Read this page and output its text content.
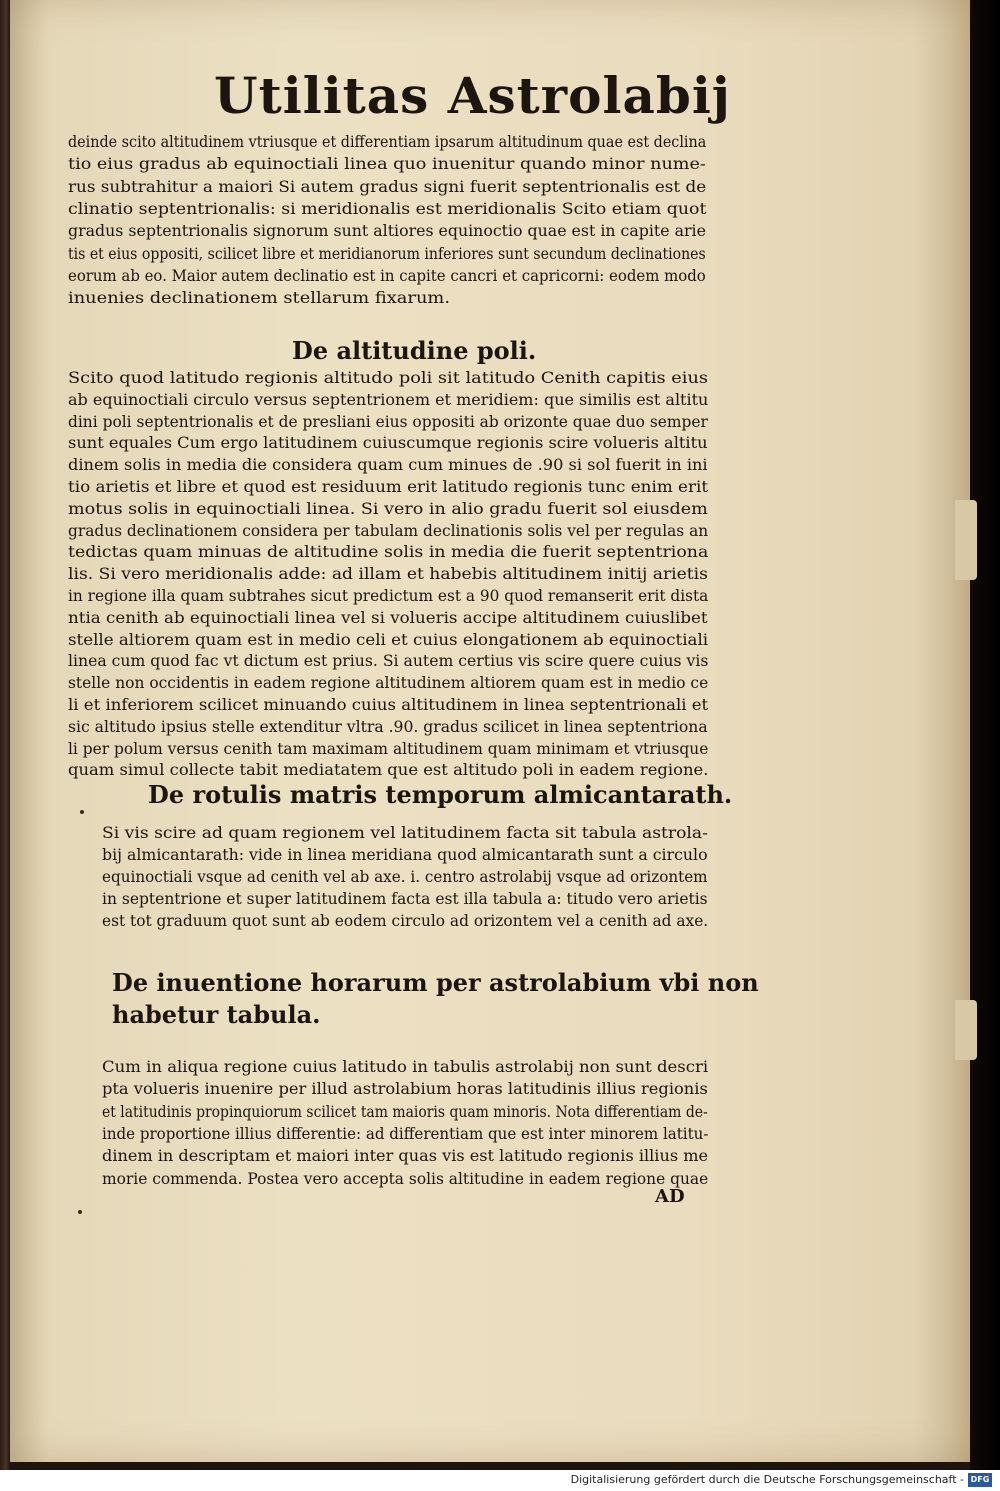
Utilitas Astrolabij
deinde scito altitudinem vtriusque et differentiam ipsarum altitudinum quae est declina
tio eius gradus ab equinoctiali linea quo inuenitur quando minor nume-
rus subtrahitur a maiori Si autem gradus signi fuerit septentrionalis est de
clinatio septentrionalis: si meridionalis est meridionalis Scito etiam quot
gradus septentrionalis signorum sunt altiores equinoctio quae est in capite arie
tis et eius oppositi, scilicet libre et meridianorum inferiores sunt secundum declinationes
eorum ab eo. Maior autem declinatio est in capite cancri et capricorni: eodem modo
inuenies declinationem stellarum fixarum.
De altitudine poli.
Scito quod latitudo regionis altitudo poli sit latitudo Cenith capitis eius
ab equinoctiali circulo versus septentrionem et meridiem: que similis est altitu
dini poli septentrionalis et de presliani eius oppositi ab orizonte quae duo semper
sunt equales Cum ergo latitudinem cuiuscumque regionis scire volueris altitu
dinem solis in media die considera quam cum minues de .90 si sol fuerit in ini
tio arietis et libre et quod est residuum erit latitudo regionis tunc enim erit
motus solis in equinoctiali linea. Si vero in alio gradu fuerit sol eiusdem
gradus declinationem considera per tabulam declinationis solis vel per regulas an
tedictas quam minuas de altitudine solis in media die fuerit septentriona
lis. Si vero meridionalis adde: ad illam et habebis altitudinem initij arietis
in regione illa quam subtrahes sicut predictum est a 90 quod remanserit erit dista
ntia cenith ab equinoctiali linea vel si volueris accipe altitudinem cuiuslibet
stelle altiorem quam est in medio celi et cuius elongationem ab equinoctiali
linea cum quod fac vt dictum est prius. Si autem certius vis scire quere cuius vis
stelle non occidentis in eadem regione altitudinem altiorem quam est in medio ce
li et inferiorem scilicet minuando cuius altitudinem in linea septentrionali et
sic altitudo ipsius stelle extenditur vltra .90. gradus scilicet in linea septentriona
li per polum versus cenith tam maximam altitudinem quam minimam et vtriusque
quam simul collecte tabit mediatatem que est altitudo poli in eadem regione.
De rotulis matris temporum almicantarath.
Si vis scire ad quam regionem vel latitudinem facta sit tabula astrola-
bij almicantarath: vide in linea meridiana quod almicantarath sunt a circulo
equinoctiali vsque ad cenith vel ab axe. i. centro astrolabij vsque ad orizontem
in septentrione et super latitudinem facta est illa tabula a: titudo vero arietis
est tot graduum quot sunt ab eodem circulo ad orizontem vel a cenith ad axe.
De inuentione horarum per astrolabium vbi non
habetur tabula.
Cum in aliqua regione cuius latitudo in tabulis astrolabij non sunt descri
pta volueris inuenire per illud astrolabium horas latitudinis illius regionis
et latitudinis propinquiorum scilicet tam maioris quam minoris. Nota differentiam de-
inde proportione illius differentie: ad differentiam que est inter minorem latitu-
dinem in descriptam et maiori inter quas vis est latitudo regionis illius me
morie commenda. Postea vero accepta solis altitudine in eadem regione quae
AD
Digitalisierung gefördert durch die Deutsche Forschungsgemeinschaft - DFG
